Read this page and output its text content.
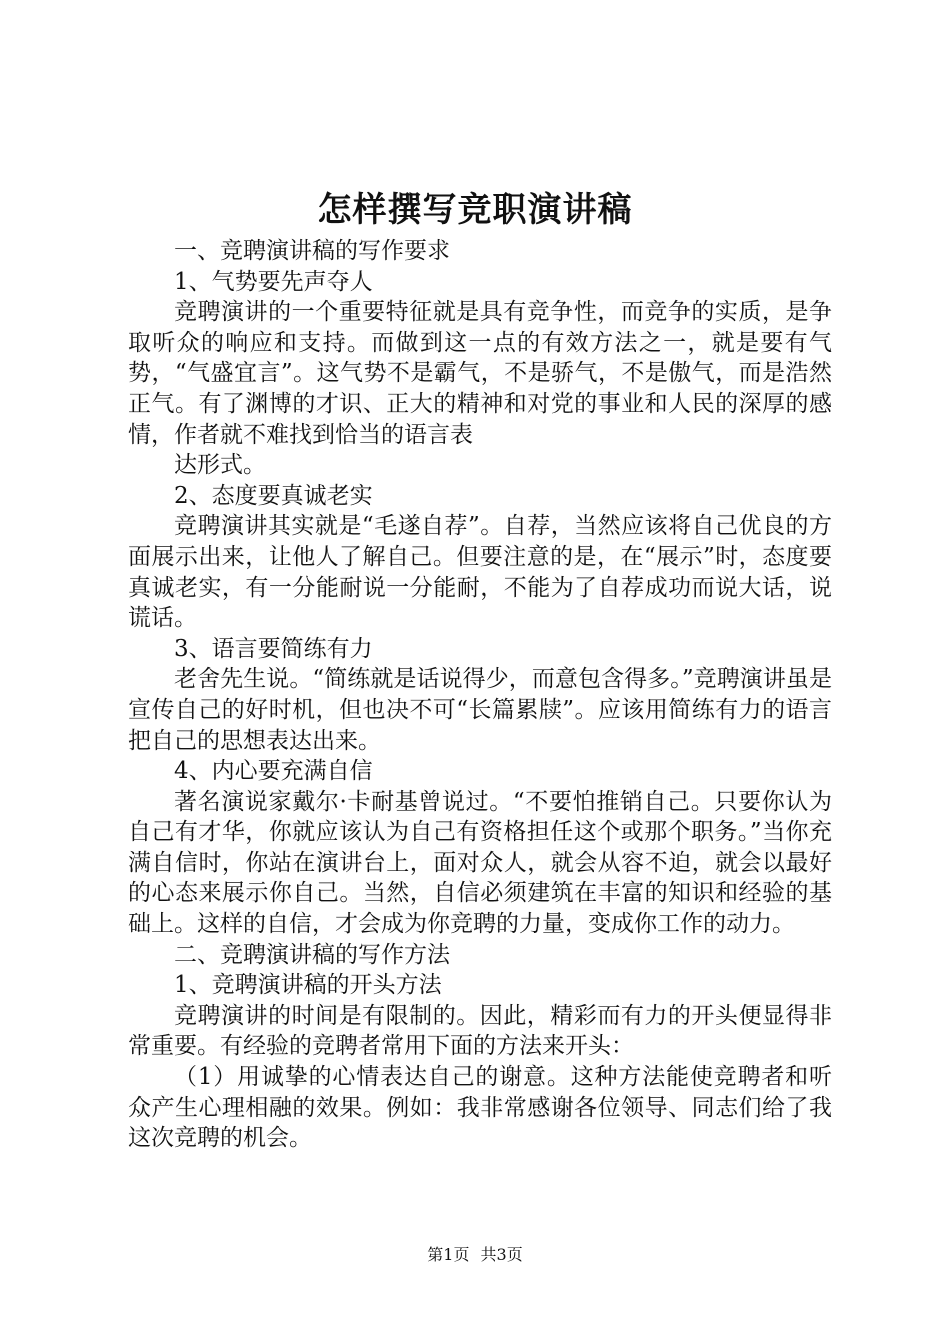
怎样撰写竞职演讲稿

一、竞聘演讲稿的写作要求

1、气势要先声夺人

竞聘演讲的一个重要特征就是具有竞争性，而竞争的实质，是争取听众的响应和支持。而做到这一点的有效方法之一，就是要有气势，“气盛宜言”。这气势不是霸气，不是骄气，不是傲气，而是浩然正气。有了渊博的才识、正大的精神和对党的事业和人民的深厚的感情，作者就不难找到恰当的语言表

达形式。

2、态度要真诚老实

竞聘演讲其实就是“毛遂自荐”。自荐，当然应该将自己优良的方面展示出来，让他人了解自己。但要注意的是，在“展示”时，态度要真诚老实，有一分能耐说一分能耐，不能为了自荐成功而说大话，说谎话。

3、语言要简练有力

老舍先生说。“简练就是话说得少，而意包含得多。”竞聘演讲虽是宣传自己的好时机，但也决不可“长篇累牍”。应该用简练有力的语言把自己的思想表达出来。

4、内心要充满自信

著名演说家戴尔·卡耐基曾说过。“不要怕推销自己。只要你认为自己有才华，你就应该认为自己有资格担任这个或那个职务。”当你充满自信时，你站在演讲台上，面对众人，就会从容不迫，就会以最好的心态来展示你自己。当然，自信必须建筑在丰富的知识和经验的基础上。这样的自信，才会成为你竞聘的力量，变成你工作的动力。

二、竞聘演讲稿的写作方法

1、竞聘演讲稿的开头方法

竞聘演讲的时间是有限制的。因此，精彩而有力的开头便显得非常重要。有经验的竞聘者常用下面的方法来开头：

（1）用诚挚的心情表达自己的谢意。这种方法能使竞聘者和听众产生心理相融的效果。例如：我非常感谢各位领导、同志们给了我这次竞聘的机会。

第1页 共3页
